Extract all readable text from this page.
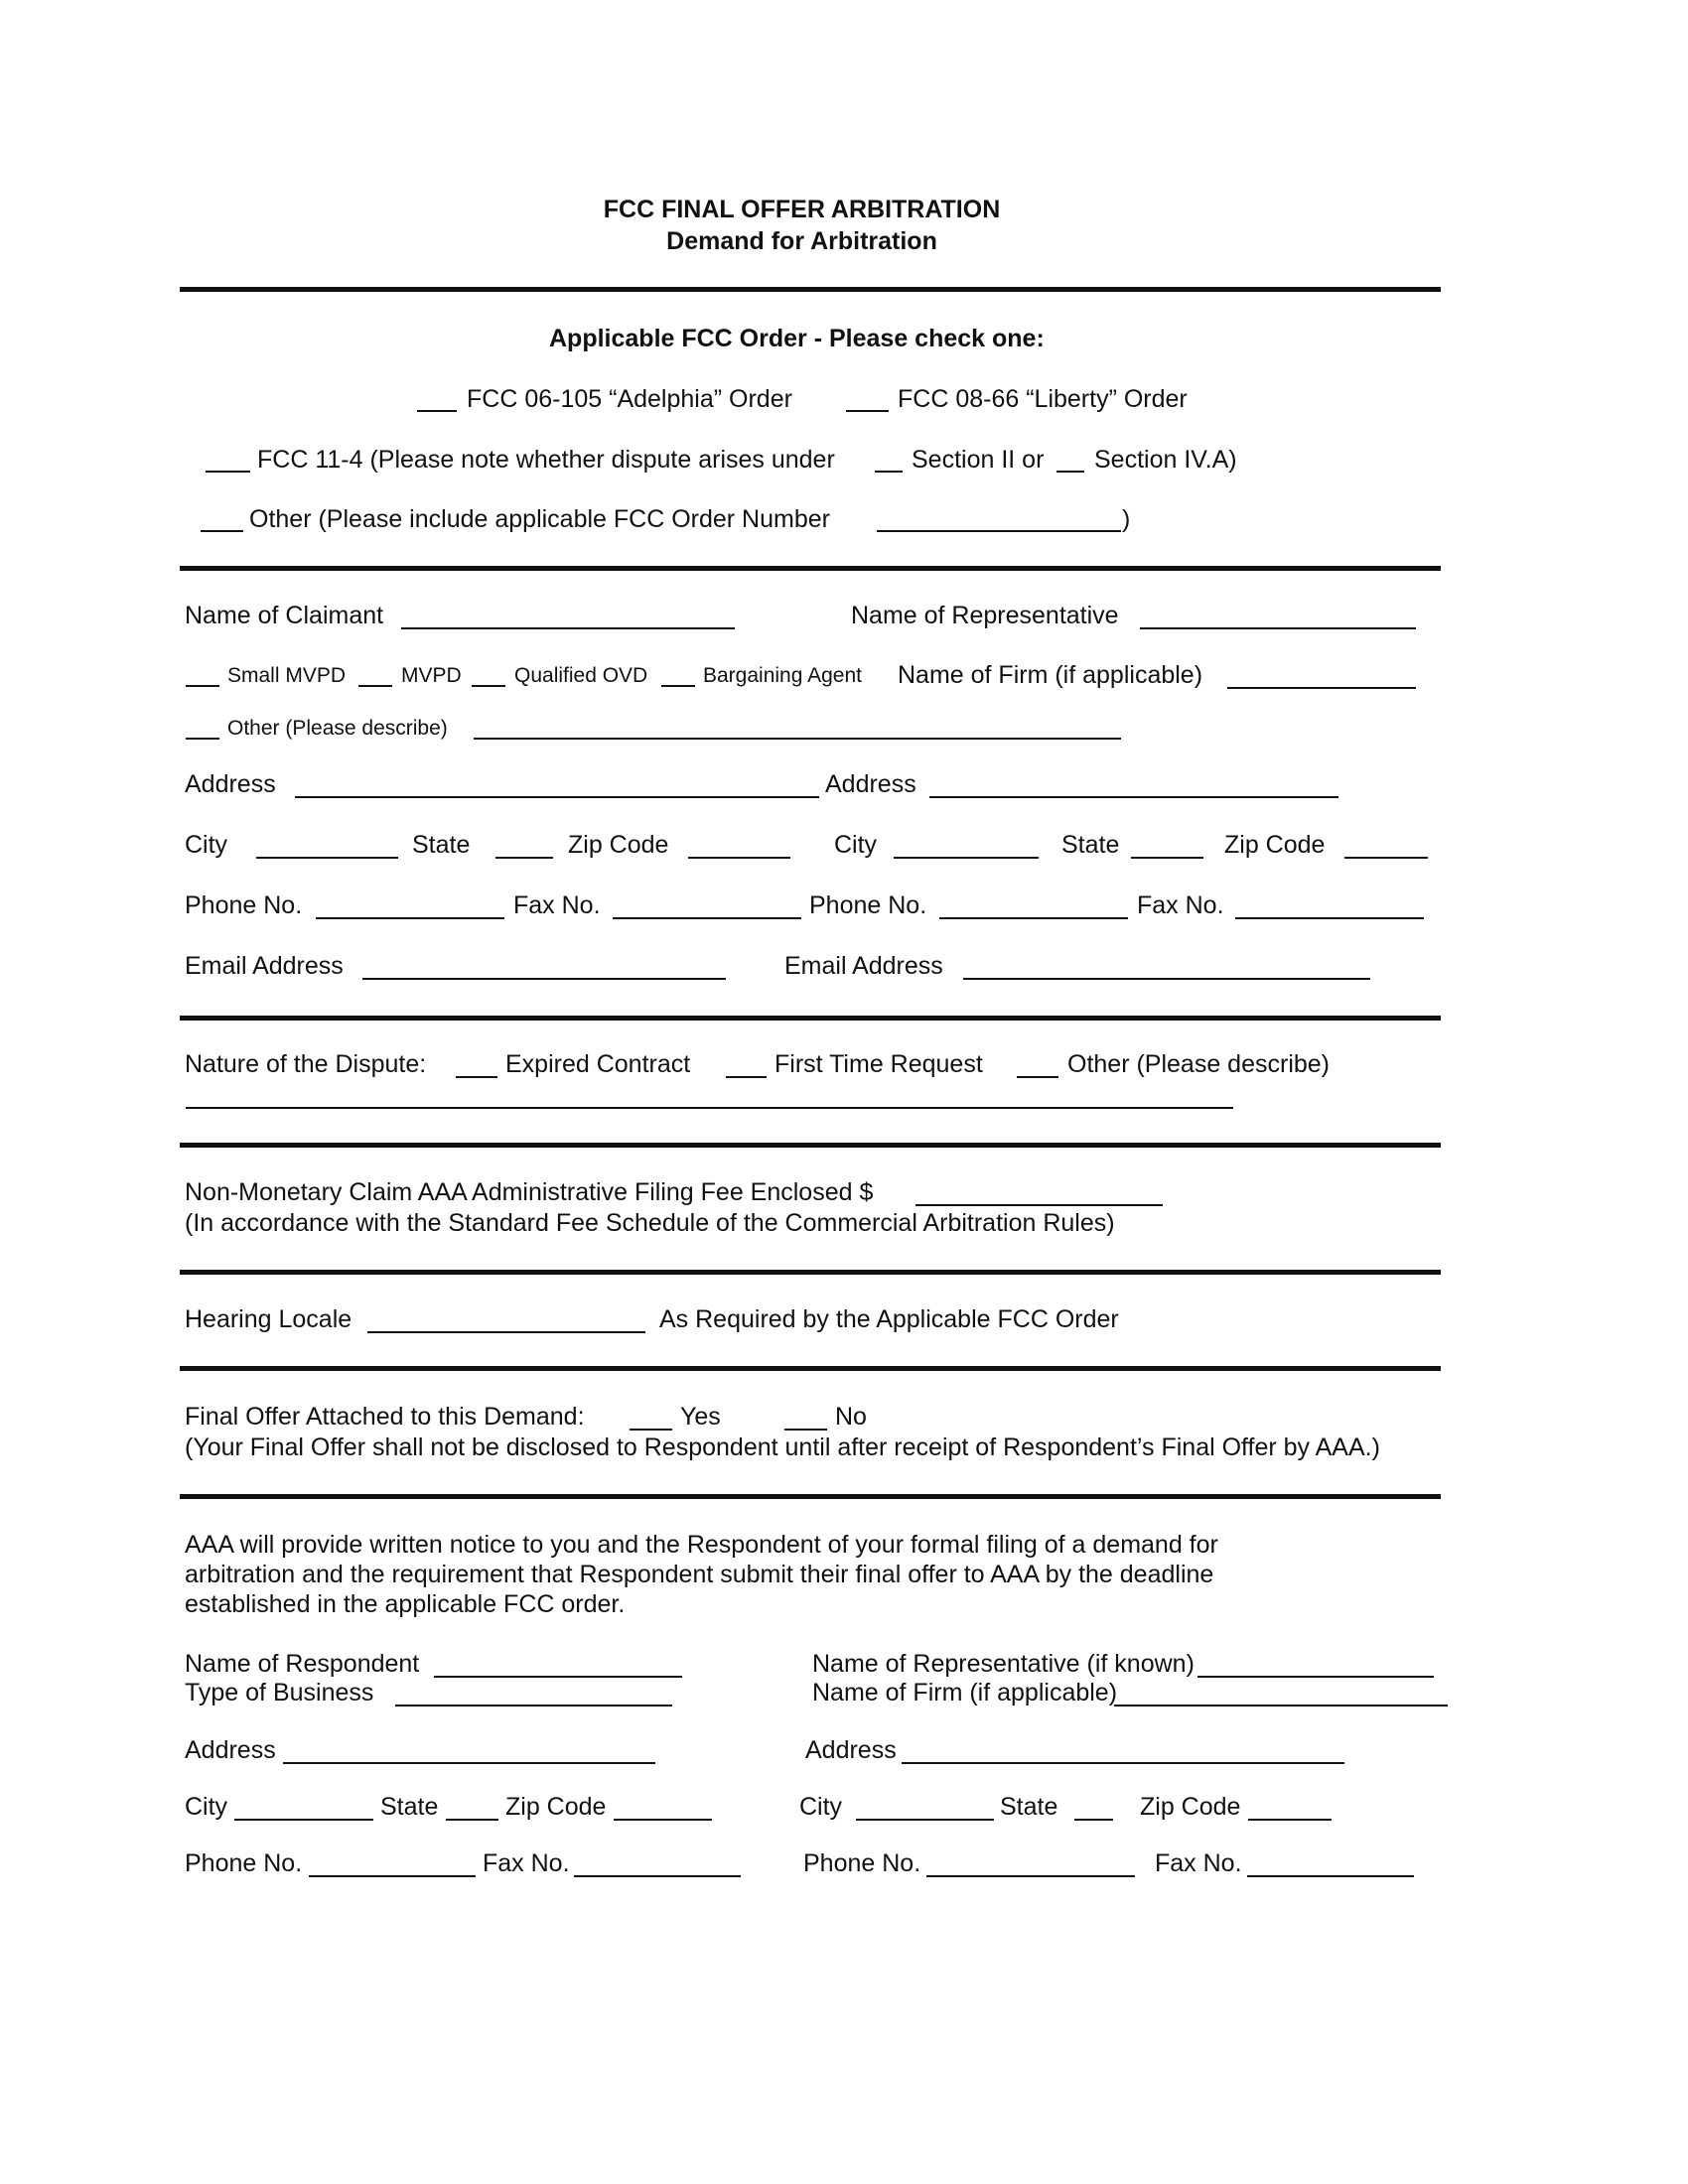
FCC FINAL OFFER ARBITRATION
Demand for Arbitration
Applicable FCC Order - Please check one:
FCC 06-105 “Adelphia” Order	FCC 08-66 “Liberty” Order
FCC 11-4 (Please note whether dispute arises under	Section II or Section IV.A)
Other (Please include applicable FCC Order Number	)
Name of Claimant	Name of Representative
Small MVPD	MVPD	Qualified OVD	Bargaining Agent Name of Firm (if applicable)
Other (Please describe)
Address	Address
City	State	Zip Code	City	State	Zip Code
Phone No.	Fax No.	Phone No.	Fax No.
Email Address	Email Address
Nature of the Dispute:	Expired Contract	First Time Request	Other (Please describe)
Non-Monetary Claim AAA Administrative Filing Fee Enclosed $
(In accordance with the Standard Fee Schedule of the Commercial Arbitration Rules)
Hearing Locale	As Required by the Applicable FCC Order
Final Offer Attached to this Demand:	Yes	No
(Your Final Offer shall not be disclosed to Respondent until after receipt of Respondent’s Final Offer by AAA.)
AAA will provide written notice to you and the Respondent of your formal filing of a demand for
arbitration and the requirement that Respondent submit their final offer to AAA by the deadline
established in the applicable FCC order.
Name of Respondent
Type of Business
Name of Representative (if known)
Name of Firm (if applicable)
Address	Address
City	State	Zip Code	City	State	Zip Code
Phone No.	Fax No.	Phone No.	Fax No.
